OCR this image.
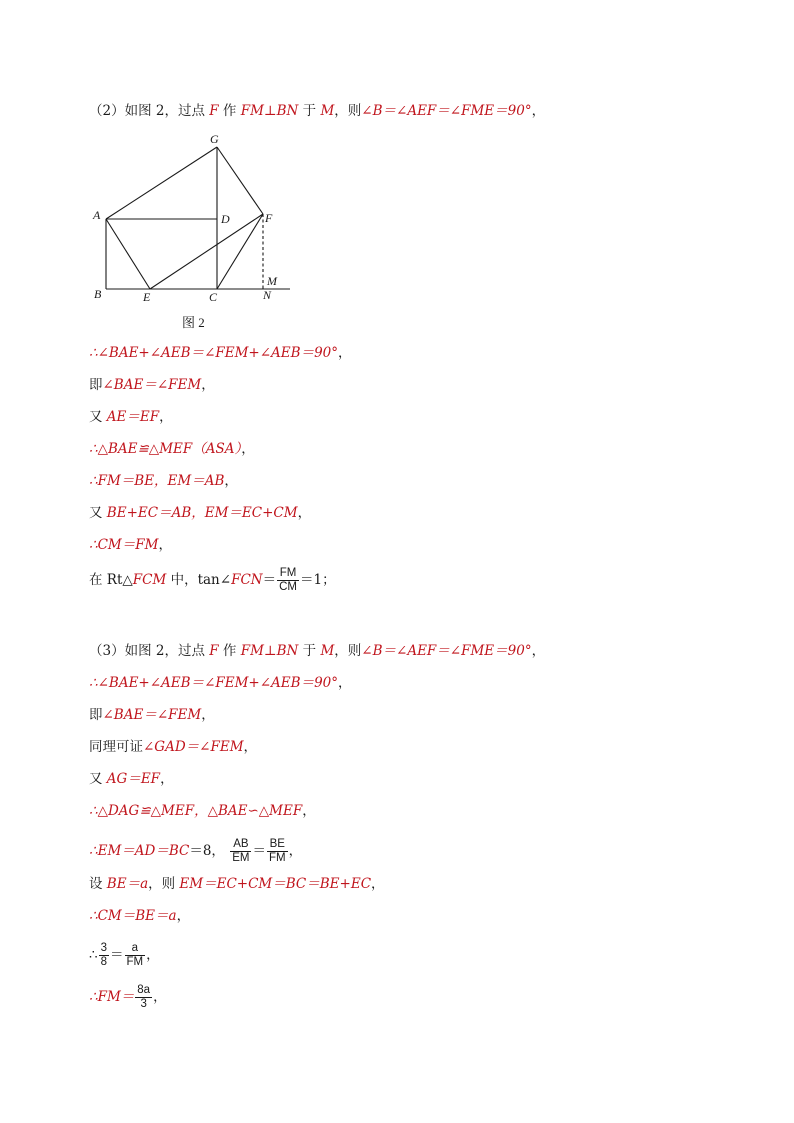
（2）如图 2，过点 F 作 FM⊥BN 于 M，则∠B＝∠AEF＝∠FME＝90°，
A
B	C
D
E
F
G
M
N
图 2
∴∠BAE+∠AEB＝∠FEM+∠AEB＝90°，
即∠BAE＝∠FEM，
又 AE＝EF，
∴△BAE≌△MEF（ASA），
∴FM＝BE，EM＝AB，
又 BE+EC＝AB，EM＝EC+CM，
∴CM＝FM，
在 Rt△FCM 中，tan∠FCN＝ $\frac{FM}{CM} =1$；
（3）如图 2，过点 F 作 FM⊥BN 于 M，则∠B＝∠AEF＝∠FME＝90°，
∴∠BAE+∠AEB＝∠FEM+∠AEB＝90°，
即∠BAE＝∠FEM，
同理可证∠GAD＝∠FEM，
又 AG＝EF，
∴△DAG≌△MEF，△BAE∽△MEF，
∴EM＝AD＝BC＝8， $\frac{AB}{EM} = \frac{BE}{FM}$ ，
设 BE＝a，则 EM＝EC+CM＝BC＝BE+EC，
∴CM＝BE＝a，
∴ $\frac{3}{8} = \frac{a}{FM}$ ，
∴FM＝ $\frac{8a}{3}$ ，
